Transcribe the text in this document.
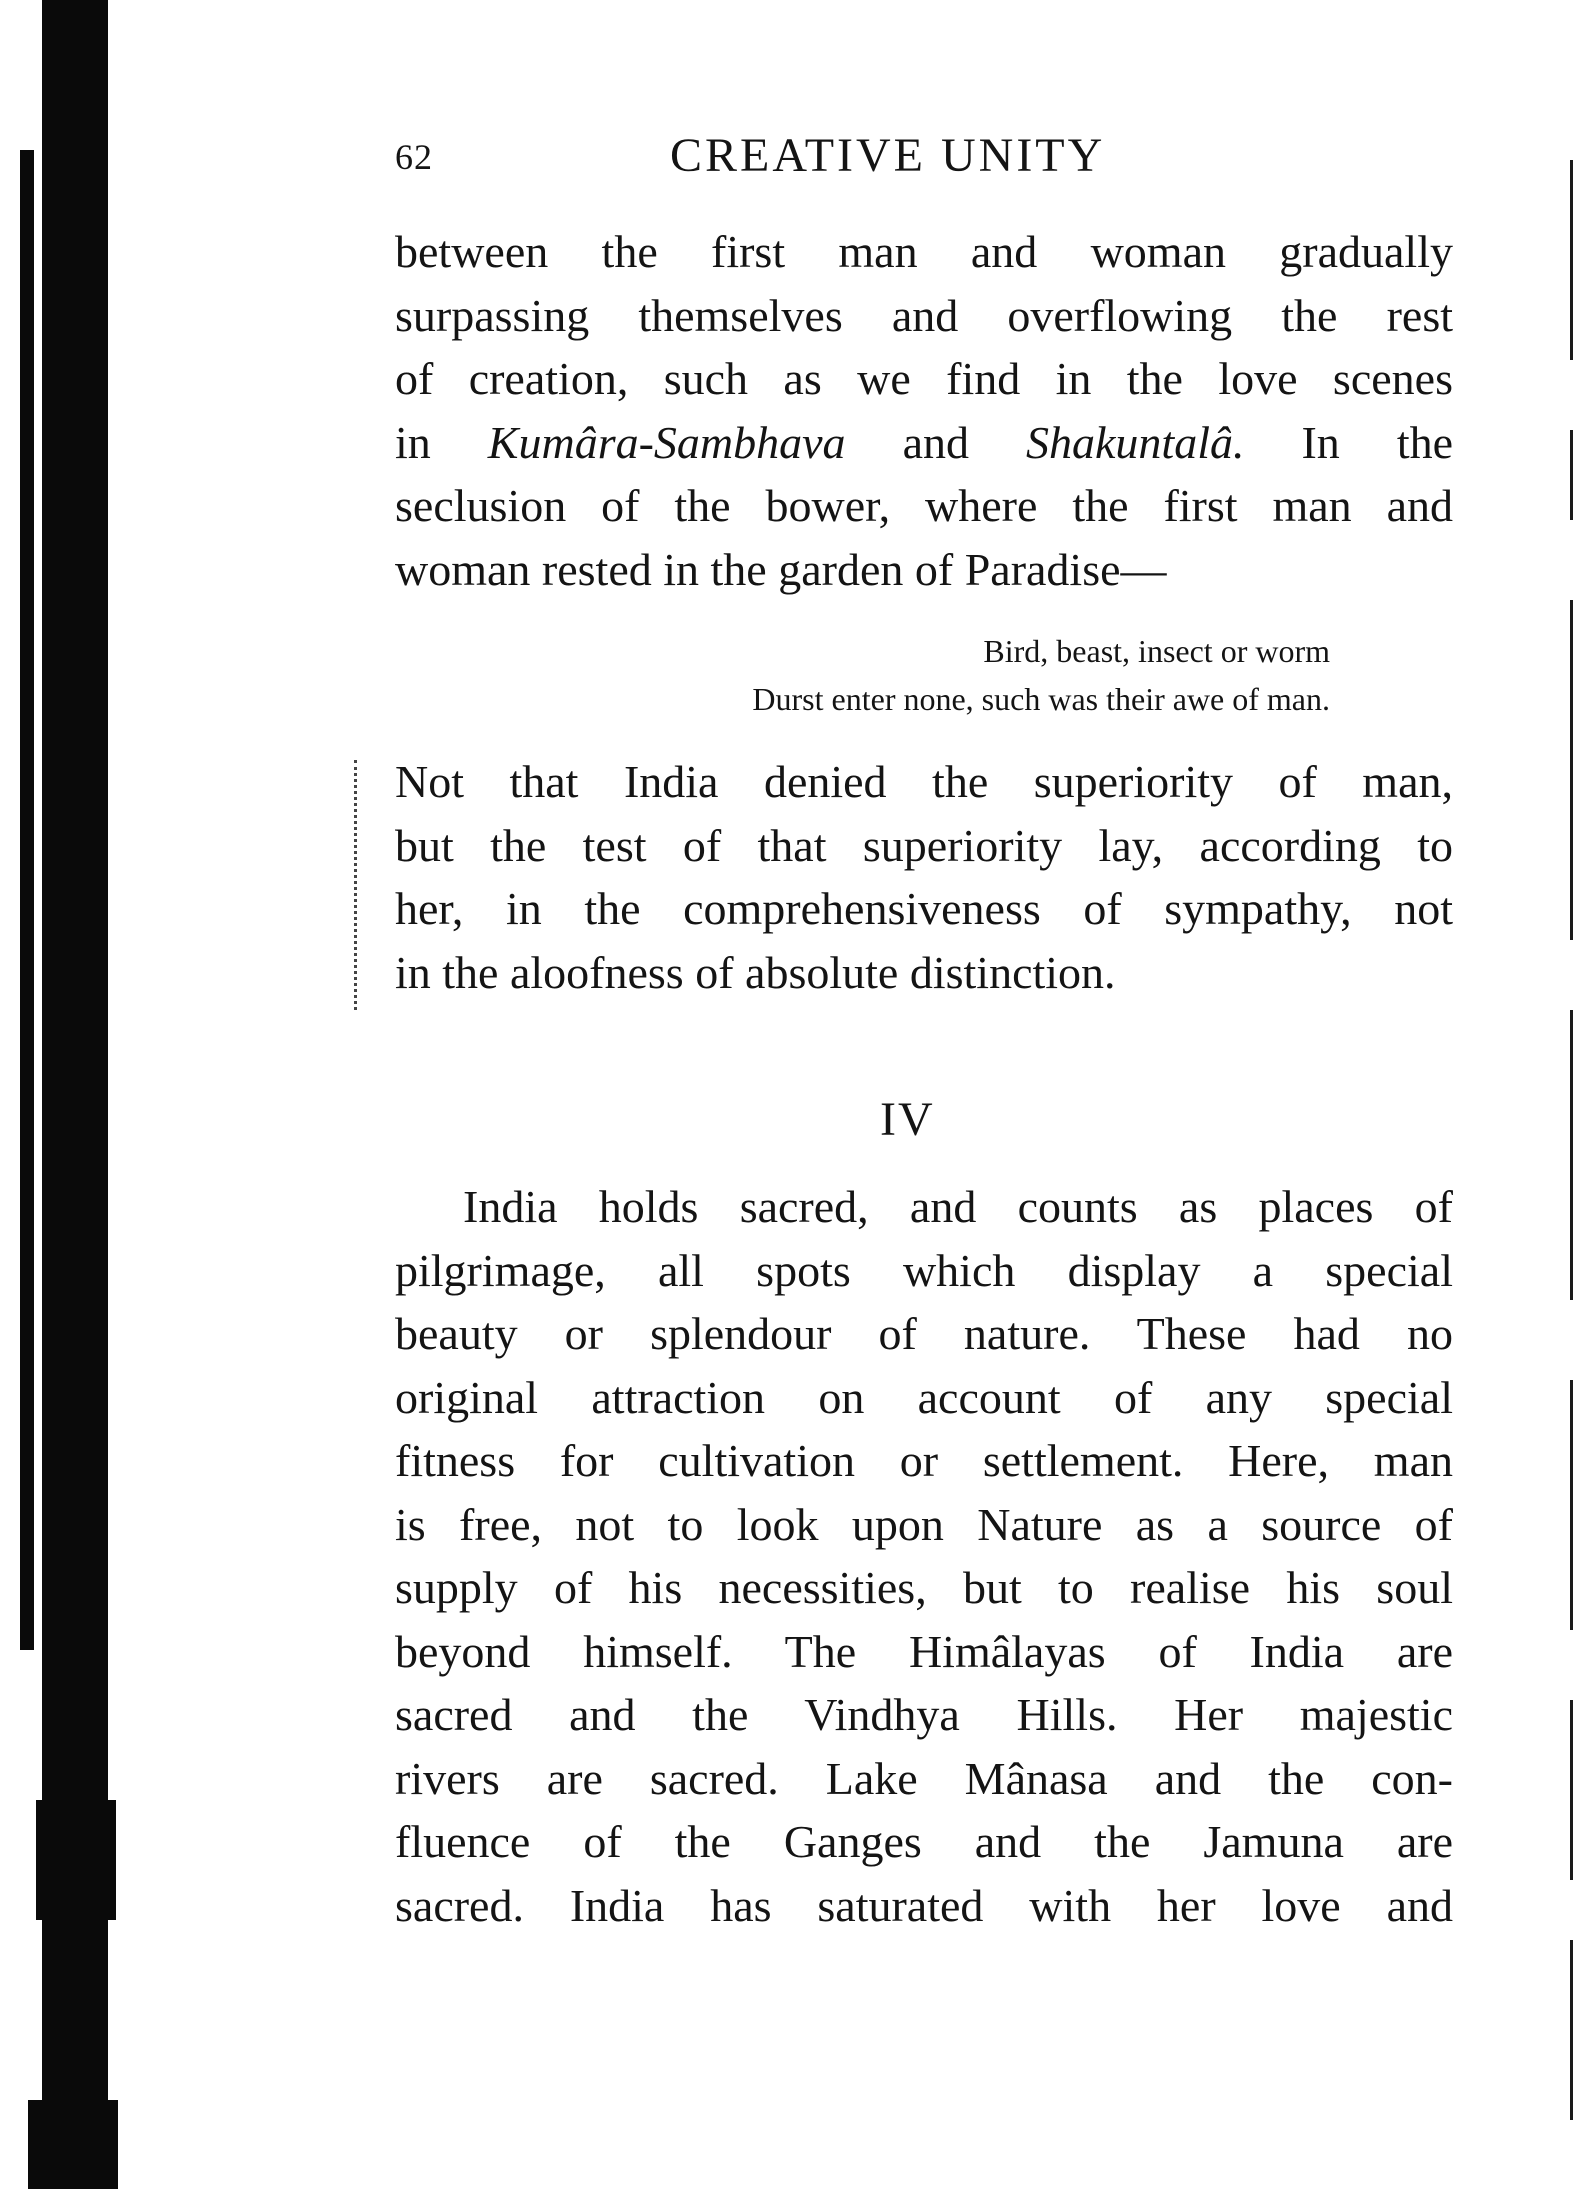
62	CREATIVE UNITY
between the first man and woman gradually
surpassing themselves and overflowing the rest
of creation, such as we find in the love scenes
in Kumâra-Sambhava and Shakuntalâ. In the
seclusion of the bower, where the first man and
woman rested in the garden of Paradise—
Bird, beast, insect or worm
Durst enter none, such was their awe of man.
Not that India denied the superiority of man,
but the test of that superiority lay, according to
her, in the comprehensiveness of sympathy, not
in the aloofness of absolute distinction.
IV
India holds sacred, and counts as places of
pilgrimage, all spots which display a special
beauty or splendour of nature. These had no
original attraction on account of any special
fitness for cultivation or settlement. Here, man
is free, not to look upon Nature as a source of
supply of his necessities, but to realise his soul
beyond himself. The Himâlayas of India are
sacred and the Vindhya Hills. Her majestic
rivers are sacred. Lake Mânasa and the con-
fluence of the Ganges and the Jamuna are
sacred. India has saturated with her love and
